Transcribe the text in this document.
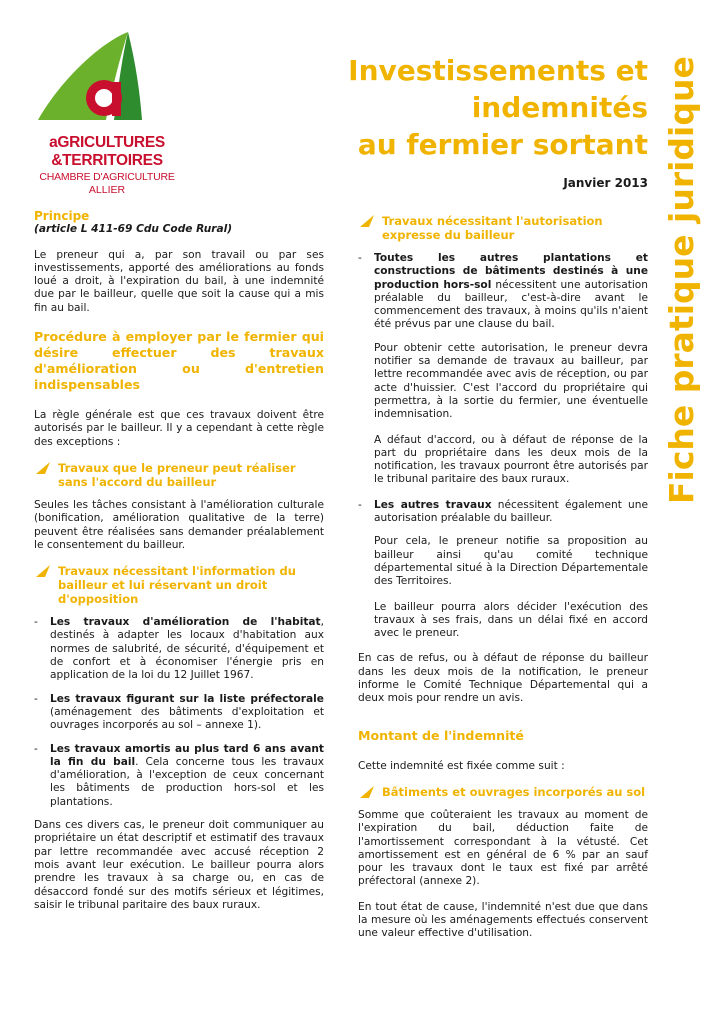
aGRICULTURES
&TERRITOIRES
CHAMBRE D'AGRICULTURE
ALLIER
Investissements et
indemnités
au fermier sortant
Janvier 2013 Fiche pratique juridique
Principe
(article L 411-69 Cdu Code Rural)

Le preneur qui a, par son travail ou par ses investissements, apporté des améliorations au fonds loué a droit, à l'expiration du bail, à une indemnité due par le bailleur, quelle que soit la cause qui a mis fin au bail.

Procédure à employer par le fermier qui désire effectuer des travaux d'amélioration ou d'entretien indispensables

La règle générale est que ces travaux doivent être autorisés par le bailleur. Il y a cependant à cette règle des exceptions :

Travaux que le preneur peut réaliser sans l'accord du bailleur

Seules les tâches consistant à l'amélioration culturale (bonification, amélioration qualitative de la terre) peuvent être réalisées sans demander préalablement le consentement du bailleur.

Travaux nécessitant l'information du bailleur et lui réservant un droit d'opposition
- Les travaux d'amélioration de l'habitat, destinés à adapter les locaux d'habitation aux normes de salubrité, de sécurité, d'équipement et de confort et à économiser l'énergie pris en application de la loi du 12 Juillet 1967.
- Les travaux figurant sur la liste préfectorale (aménagement des bâtiments d'exploitation et ouvrages incorporés au sol – annexe 1).
- Les travaux amortis au plus tard 6 ans avant la fin du bail. Cela concerne tous les travaux d'amélioration, à l'exception de ceux concernant les bâtiments de production hors-sol et les plantations.

Dans ces divers cas, le preneur doit communiquer au propriétaire un état descriptif et estimatif des travaux par lettre recommandée avec accusé réception 2 mois avant leur exécution. Le bailleur pourra alors prendre les travaux à sa charge ou, en cas de désaccord fondé sur des motifs sérieux et légitimes, saisir le tribunal paritaire des baux ruraux.

Travaux nécessitant l'autorisation expresse du bailleur
- Toutes les autres plantations et constructions de bâtiments destinés à une production hors-sol nécessitent une autorisation préalable du bailleur, c'est-à-dire avant le commencement des travaux, à moins qu'ils n'aient été prévus par une clause du bail.

Pour obtenir cette autorisation, le preneur devra notifier sa demande de travaux au bailleur, par lettre recommandée avec avis de réception, ou par acte d'huissier. C'est l'accord du propriétaire qui permettra, à la sortie du fermier, une éventuelle indemnisation.

A défaut d'accord, ou à défaut de réponse de la part du propriétaire dans les deux mois de la notification, les travaux pourront être autorisés par le tribunal paritaire des baux ruraux.

- Les autres travaux nécessitent également une autorisation préalable du bailleur.

Pour cela, le preneur notifie sa proposition au bailleur ainsi qu'au comité technique départemental situé à la Direction Départementale des Territoires.

Le bailleur pourra alors décider l'exécution des travaux à ses frais, dans un délai fixé en accord avec le preneur.

En cas de refus, ou à défaut de réponse du bailleur dans les deux mois de la notification, le preneur informe le Comité Technique Départemental qui a deux mois pour rendre un avis.

Montant de l'indemnité

Cette indemnité est fixée comme suit :

Bâtiments et ouvrages incorporés au sol

Somme que coûteraient les travaux au moment de l'expiration du bail, déduction faite de l'amortissement correspondant à la vétusté. Cet amortissement est en général de 6 % par an sauf pour les travaux dont le taux est fixé par arrêté préfectoral (annexe 2).

En tout état de cause, l'indemnité n'est due que dans la mesure où les aménagements effectués conservent une valeur effective d'utilisation.
